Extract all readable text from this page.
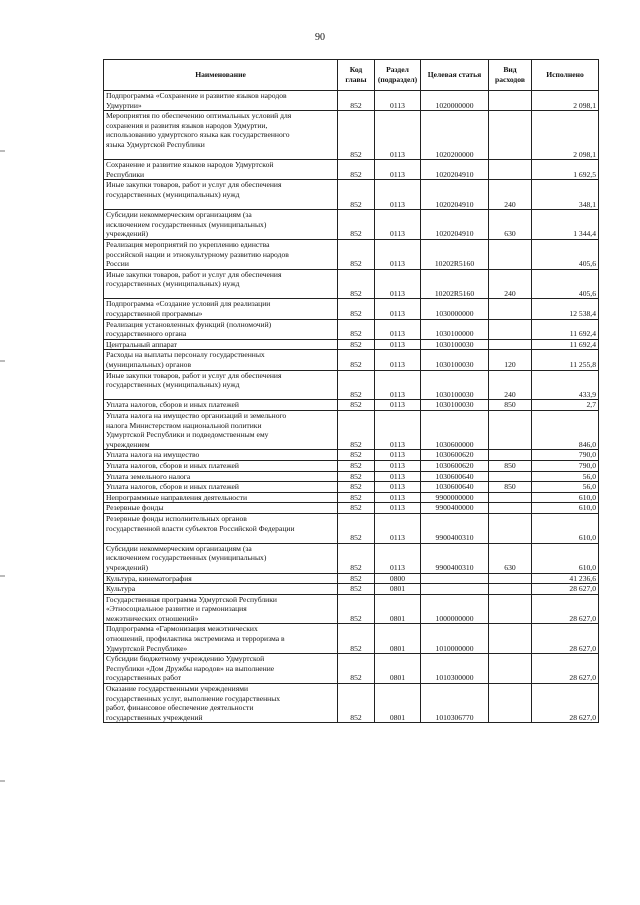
90
Наименование	Код главы	Раздел (подраздел)	Целевая статья	Вид расходов	Исполнено

Подпрограмма «Сохранение и развитие языков народов
Удмуртии»	852	0113	1020000000		2 098,1

Мероприятия по обеспечению оптимальных условий для
сохранения и развития языков народов Удмуртии,
использованию удмуртского языка как государственного
языка Удмуртской Республики	852	0113	1020200000		2 098,1

Сохранение и развитие языков народов Удмуртской
Республики	852	0113	1020204910		1 692,5

Иные закупки товаров, работ и услуг для обеспечения
государственных (муниципальных) нужд	852	0113	1020204910	240	348,1

Субсидии некоммерческим организациям (за
исключением государственных (муниципальных)
учреждений)	852	0113	1020204910	630	1 344,4

Реализация мероприятий по укреплению единства
российской нации и этнокультурному развитию народов
России	852	0113	10202R5160		405,6

Иные закупки товаров, работ и услуг для обеспечения
государственных (муниципальных) нужд	852	0113	10202R5160	240	405,6

Подпрограмма «Создание условий для реализации
государственной программы»	852	0113	1030000000		12 538,4

Реализация установленных функций (полномочий)
государственного органа	852	0113	1030100000		11 692,4

Центральный аппарат	852	0113	1030100030		11 692,4

Расходы на выплаты персоналу государственных
(муниципальных) органов	852	0113	1030100030	120	11 255,8

Иные закупки товаров, работ и услуг для обеспечения
государственных (муниципальных) нужд	852	0113	1030100030	240	433,9

Уплата налогов, сборов и иных платежей	852	0113	1030100030	850	2,7

Уплата налога на имущество организаций и земельного
налога Министерством национальной политики
Удмуртской Республики и подведомственным ему
учреждением	852	0113	1030600000		846,0

Уплата налога на имущество	852	0113	1030600620		790,0

Уплата налогов, сборов и иных платежей	852	0113	1030600620	850	790,0

Уплата земельного налога	852	0113	1030600640		56,0

Уплата налогов, сборов и иных платежей	852	0113	1030600640	850	56,0

Непрограммные направления деятельности	852	0113	9900000000		610,0

Резервные фонды	852	0113	9900400000		610,0

Резервные фонды исполнительных органов
государственной власти субъектов Российской Федерации	852	0113	9900400310		610,0

Субсидии некоммерческим организациям (за
исключением государственных (муниципальных)
учреждений)	852	0113	9900400310	630	610,0

Культура, кинематография	852	0800			41 236,6

Культура	852	0801			28 627,0

Государственная программа Удмуртской Республики
«Этносоциальное развитие и гармонизация
межэтнических отношений»	852	0801	1000000000		28 627,0

Подпрограмма «Гармонизация межэтнических
отношений, профилактика экстремизма и терроризма в
Удмуртской Республике»	852	0801	1010000000		28 627,0

Субсидии бюджетному учреждению Удмуртской
Республики «Дом Дружбы народов» на выполнение
государственных работ	852	0801	1010300000		28 627,0

Оказание государственными учреждениями
государственных услуг, выполнение государственных
работ, финансовое обеспечение деятельности
государственных учреждений	852	0801	1010306770		28 627,0
